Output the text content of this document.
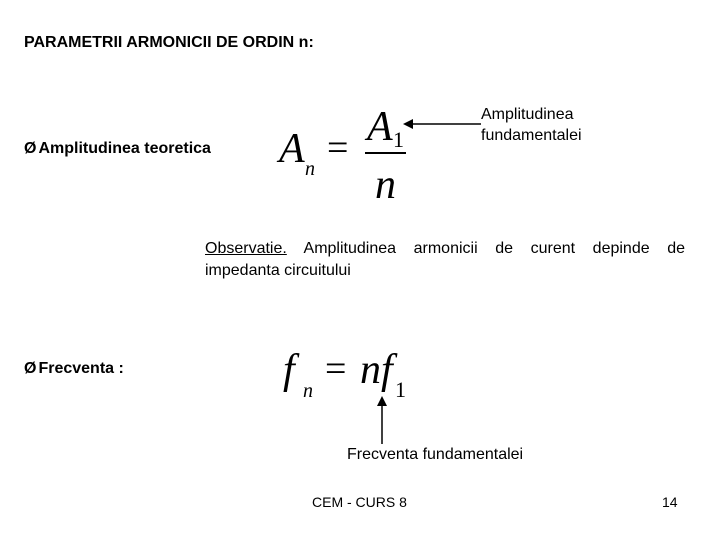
PARAMETRII ARMONICII DE ORDIN n:
Ø Amplitudinea teoretica A n = A 1
n
Amplitudinea
fundamentalei
Observatie. Amplitudinea armonicii de curent depinde de impedanta circuitului
Ø Frecventa :	f n
= n f 1
Frecventa fundamentalei
CEM - CURS 8	14
